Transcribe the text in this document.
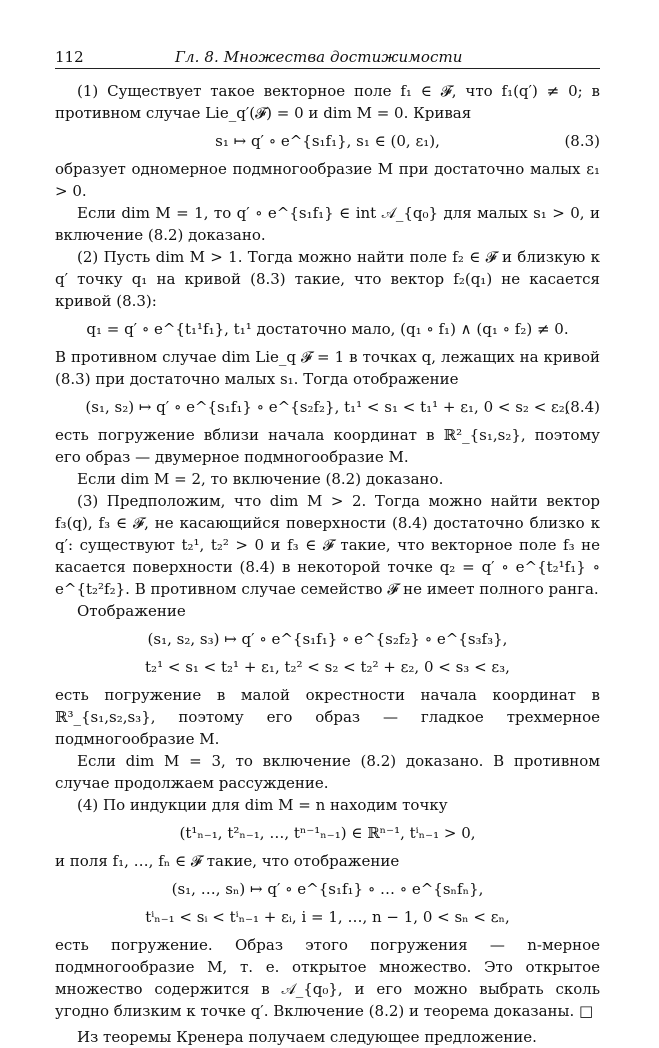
112	Гл. 8. Множества достижимости

(1) Существует такое векторное поле f₁ ∈ 𝓕, что f₁(q′) ≠ 0; в противном случае Lie_q′(𝓕) = 0 и dim M = 0. Кривая

s₁ ↦ q′ ∘ e^{s₁f₁}, s₁ ∈ (0, ε₁),	(8.3)

образует одномерное подмногообразие M при достаточно малых ε₁ > 0.

Если dim M = 1, то q′ ∘ e^{s₁f₁} ∈ int 𝒜_{q₀} для малых s₁ > 0, и включение (8.2) доказано.

(2) Пусть dim M > 1. Тогда можно найти поле f₂ ∈ 𝓕 и близкую к q′ точку q₁ на кривой (8.3) такие, что вектор f₂(q₁) не касается кривой (8.3):

q₁ = q′ ∘ e^{t₁¹f₁}, t₁¹ достаточно мало, (q₁ ∘ f₁) ∧ (q₁ ∘ f₂) ≠ 0.

В противном случае dim Lie_q 𝓕 = 1 в точках q, лежащих на кривой (8.3) при достаточно малых s₁. Тогда отображение

(s₁, s₂) ↦ q′ ∘ e^{s₁f₁} ∘ e^{s₂f₂}, t₁¹ < s₁ < t₁¹ + ε₁, 0 < s₂ < ε₂,
(8.4)

есть погружение вблизи начала координат в ℝ²_{s₁,s₂}, поэтому его образ — двумерное подмногообразие M.

Если dim M = 2, то включение (8.2) доказано.

(3) Предположим, что dim M > 2. Тогда можно найти вектор f₃(q), f₃ ∈ 𝓕, не касающийся поверхности (8.4) достаточно близко к q′: существуют t₂¹, t₂² > 0 и f₃ ∈ 𝓕 такие, что векторное поле f₃ не касается поверхности (8.4) в некоторой точке q₂ = q′ ∘ e^{t₂¹f₁} ∘ e^{t₂²f₂}. В противном случае семейство 𝓕 не имеет полного ранга.

Отображение

(s₁, s₂, s₃) ↦ q′ ∘ e^{s₁f₁} ∘ e^{s₂f₂} ∘ e^{s₃f₃},
t₂¹ < s₁ < t₂¹ + ε₁, t₂² < s₂ < t₂² + ε₂, 0 < s₃ < ε₃,

есть погружение в малой окрестности начала координат в ℝ³_{s₁,s₂,s₃}, поэтому его образ — гладкое трехмерное подмногообразие M.

Если dim M = 3, то включение (8.2) доказано. В противном случае продолжаем рассуждение.

(4) По индукции для dim M = n находим точку

(t¹ₙ₋₁, t²ₙ₋₁, …, tⁿ⁻¹ₙ₋₁) ∈ ℝⁿ⁻¹, tⁱₙ₋₁ > 0,

и поля f₁, …, fₙ ∈ 𝓕 такие, что отображение

(s₁, …, sₙ) ↦ q′ ∘ e^{s₁f₁} ∘ … ∘ e^{sₙfₙ},
tⁱₙ₋₁ < sᵢ < tⁱₙ₋₁ + εᵢ, i = 1, …, n − 1, 0 < sₙ < εₙ,

есть погружение. Образ этого погружения — n-мерное подмногообразие M, т. е. открытое множество. Это открытое множество содержится в 𝒜_{q₀}, и его можно выбрать сколь угодно близким к точке q′. Включение (8.2) и теорема доказаны. □

Из теоремы Кренера получаем следующее предложение.
